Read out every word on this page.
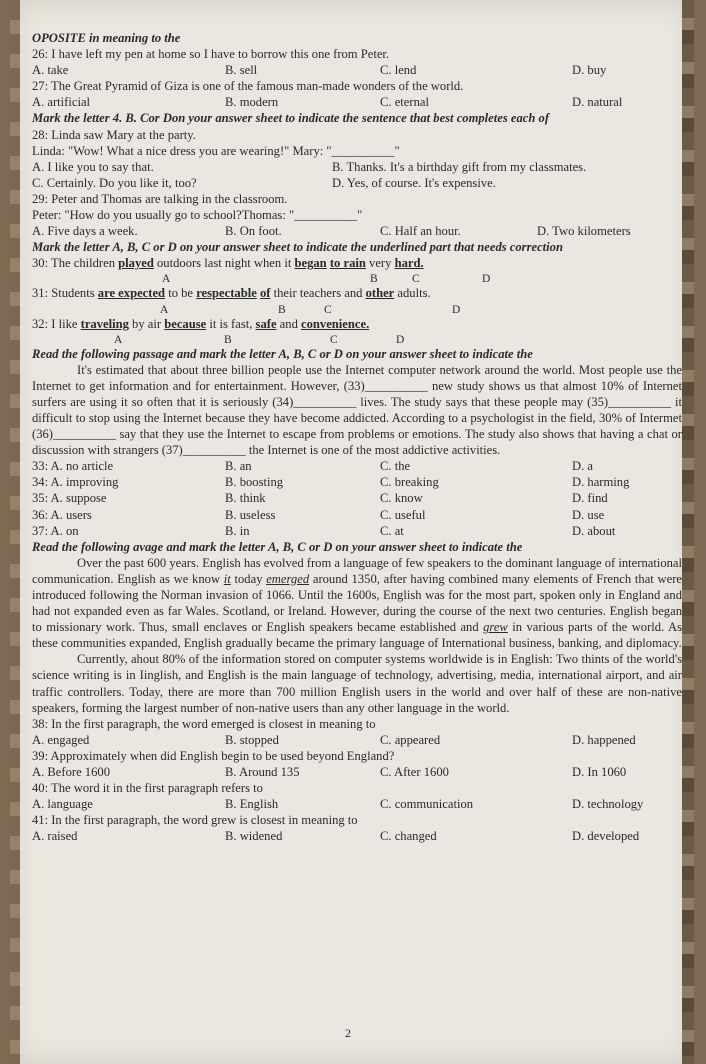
OPOSITE in meaning to the
26: I have left my pen at home so I have to borrow this one from Peter.
A. take	B. sell	C. lend	D. buy
27: The Great Pyramid of Giza is one of the famous man-made wonders of the world.
A. artificial	B. modern	C. eternal	D. natural
Mark the letter 4. B. Cor Don your answer sheet to indicate the sentence that best completes each of
28: Linda saw Mary at the party.
Linda: "Wow! What a nice dress you are wearing!" Mary: "__________"
A. I like you to say that.	B. Thanks. It's a birthday gift from my classmates.
C. Certainly. Do you like it, too?	D. Yes, of course. It's expensive.
29: Peter and Thomas are talking in the classroom.
Peter: "How do you usually go to school?Thomas: "__________"
A. Five days a week.	B. On foot.	C. Half an hour.	D. Two kilometers
Mark the letter A, B, C or D on your answer sheet to indicate the underlined part that needs correction
30: The children played outdoors last night when it began to rain very hard.
A	B	C	D
31: Students are expected to be respectable of their teachers and other adults.
A	B	C	D
32: I like traveling by air because it is fast, safe and convenience.
A	B	C	D
Read the following passage and mark the letter A, B, C or D on your answer sheet to indicate the
It's estimated that about three billion people use the Internet computer network around the world. Most people use the Internet to get information and for entertainment. However, (33)__________ new study shows us that almost 10% of Internet surfers are using it so often that it is seriously (34)__________ lives. The study says that these people may (35)__________ it difficult to stop using the Internet because they have become addicted. According to a psychologist in the field, 30% of Intermet (36)__________ say that they use the Internet to escape from problems or emotions. The study also shows that having a chat or discussion with strangers (37)__________ the Internet is one of the most addictive activities.
33: A. no article	B. an	C. the	D. a
34: A. improving	B. boosting	C. breaking	D. harming
35: A. suppose	B. think	C. know	D. find
36: A. users	B. useless	C. useful	D. use
37: A. on	B. in	C. at	D. about
Read the following avage and mark the letter A, B, C or D on your answer sheet to indicate the
Over the past 600 years. English has evolved from a language of few speakers to the dominant language of international communication. English as we know it today emerged around 1350, after having combined many elements of French that were introduced following the Norman invasion of 1066. Until the 1600s, English was for the most part, spoken only in England and had not expanded even as far Wales. Scotland, or Ireland. However, during the course of the next two centuries. English began to missionary work. Thus, small enclaves or English speakers became established and grew in various parts of the world. As these communities expanded, English gradually became the primary language of International business, banking, and diplomacy.
Currently, ahout 80% of the information stored on computer systems worldwide is in English: Two thints of the world's science writing is in Iinglish, and English is the main language of technology, advertising, media, international airport, and air traffic controllers. Today, there are more than 700 million English users in the world and over half of these are non-native speakers, forming the largest number of non-native users than any other language in the world.
38: In the first paragraph, the word emerged is closest in meaning to
A. engaged	B. stopped	C. appeared	D. happened
39: Approximately when did English begin to be used beyond England?
A. Before 1600	B. Around 135	C. After 1600	D. In 1060
40: The word it in the first paragraph refers to
A. language	B. English	C. communication	D. technology
41: In the first paragraph, the word grew is closest in meaning to
A. raised	B. widened	C. changed	D. developed
2
